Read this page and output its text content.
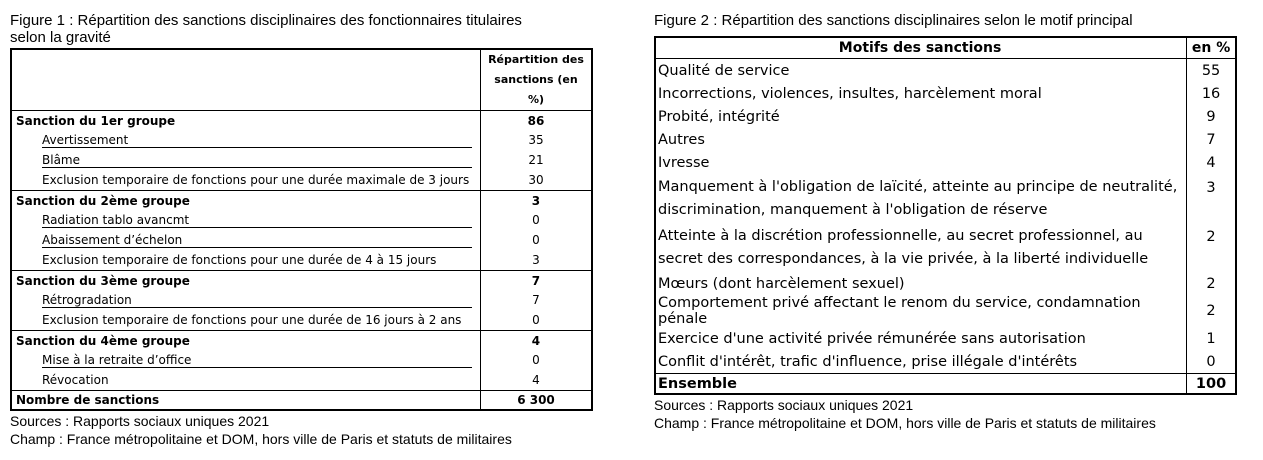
Figure 1 : Répartition des sanctions disciplinaires des fonctionnaires titulaires selon la gravité

	Répartition des sanctions (en %)
Sanction du 1er groupe	86
Avertissement	35
Blâme	21
Exclusion temporaire de fonctions pour une durée maximale de 3 jours	30
Sanction du 2ème groupe	3
Radiation tablo avancmt	0
Abaissement d’échelon	0
Exclusion temporaire de fonctions pour une durée de 4 à 15 jours	3
Sanction du 3ème groupe	7
Rétrogradation	7
Exclusion temporaire de fonctions pour une durée de 16 jours à 2 ans	0
Sanction du 4ème groupe	4
Mise à la retraite d’office	0
Révocation	4
Nombre de sanctions	6 300

Sources : Rapports sociaux uniques 2021

Champ : France métropolitaine et DOM, hors ville de Paris et statuts de militaires

Figure 2 : Répartition des sanctions disciplinaires selon le motif principal

Motifs des sanctions	en %
Qualité de service	55
Incorrections, violences, insultes, harcèlement moral	16
Probité, intégrité	9
Autres	7
Ivresse	4
Manquement à l'obligation de laïcité, atteinte au principe de neutralité, discrimination, manquement à l'obligation de réserve	3
Atteinte à la discrétion professionnelle, au secret professionnel, au secret des correspondances, à la vie privée, à la liberté individuelle	2
Mœurs (dont harcèlement sexuel)	2
Comportement privé affectant le renom du service, condamnation pénale	2
Exercice d'une activité privée rémunérée sans autorisation	1
Conflit d'intérêt, trafic d'influence, prise illégale d'intérêts	0
Ensemble	100

Sources : Rapports sociaux uniques 2021

Champ : France métropolitaine et DOM, hors ville de Paris et statuts de militaires
